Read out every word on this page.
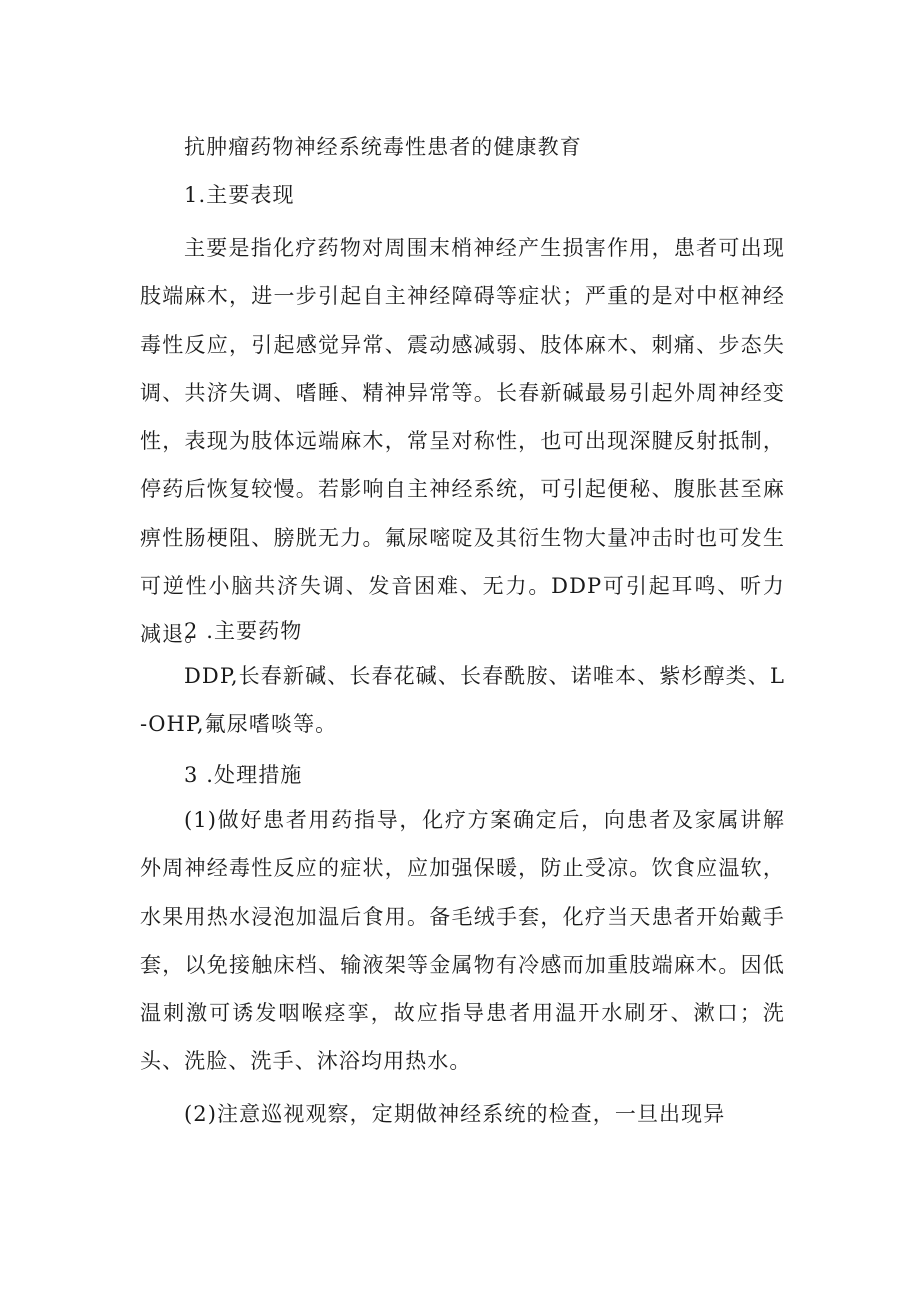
抗肿瘤药物神经系统毒性患者的健康教育

1.主要表现

主要是指化疗药物对周围末梢神经产生损害作用，患者可出现肢端麻木，进一步引起自主神经障碍等症状；严重的是对中枢神经毒性反应，引起感觉异常、震动感减弱、肢体麻木、刺痛、步态失调、共济失调、嗜睡、精神异常等。长春新碱最易引起外周神经变性，表现为肢体远端麻木，常呈对称性，也可出现深腱反射抵制，停药后恢复较慢。若影响自主神经系统，可引起便秘、腹胀甚至麻痹性肠梗阻、膀胱无力。氟尿嘧啶及其衍生物大量冲击时也可发生可逆性小脑共济失调、发音困难、无力。DDP可引起耳鸣、听力减退。

2 .主要药物

DDP,长春新碱、长春花碱、长春酰胺、诺唯本、紫杉醇类、L-OHP,氟尿嗜啖等。

3 .处理措施

(1)做好患者用药指导，化疗方案确定后，向患者及家属讲解外周神经毒性反应的症状，应加强保暖，防止受凉。饮食应温软，水果用热水浸泡加温后食用。备毛绒手套，化疗当天患者开始戴手套，以免接触床档、输液架等金属物有冷感而加重肢端麻木。因低温刺激可诱发咽喉痉挛，故应指导患者用温开水刷牙、漱口；洗头、洗脸、洗手、沐浴均用热水。

(2)注意巡视观察，定期做神经系统的检查，一旦出现异
